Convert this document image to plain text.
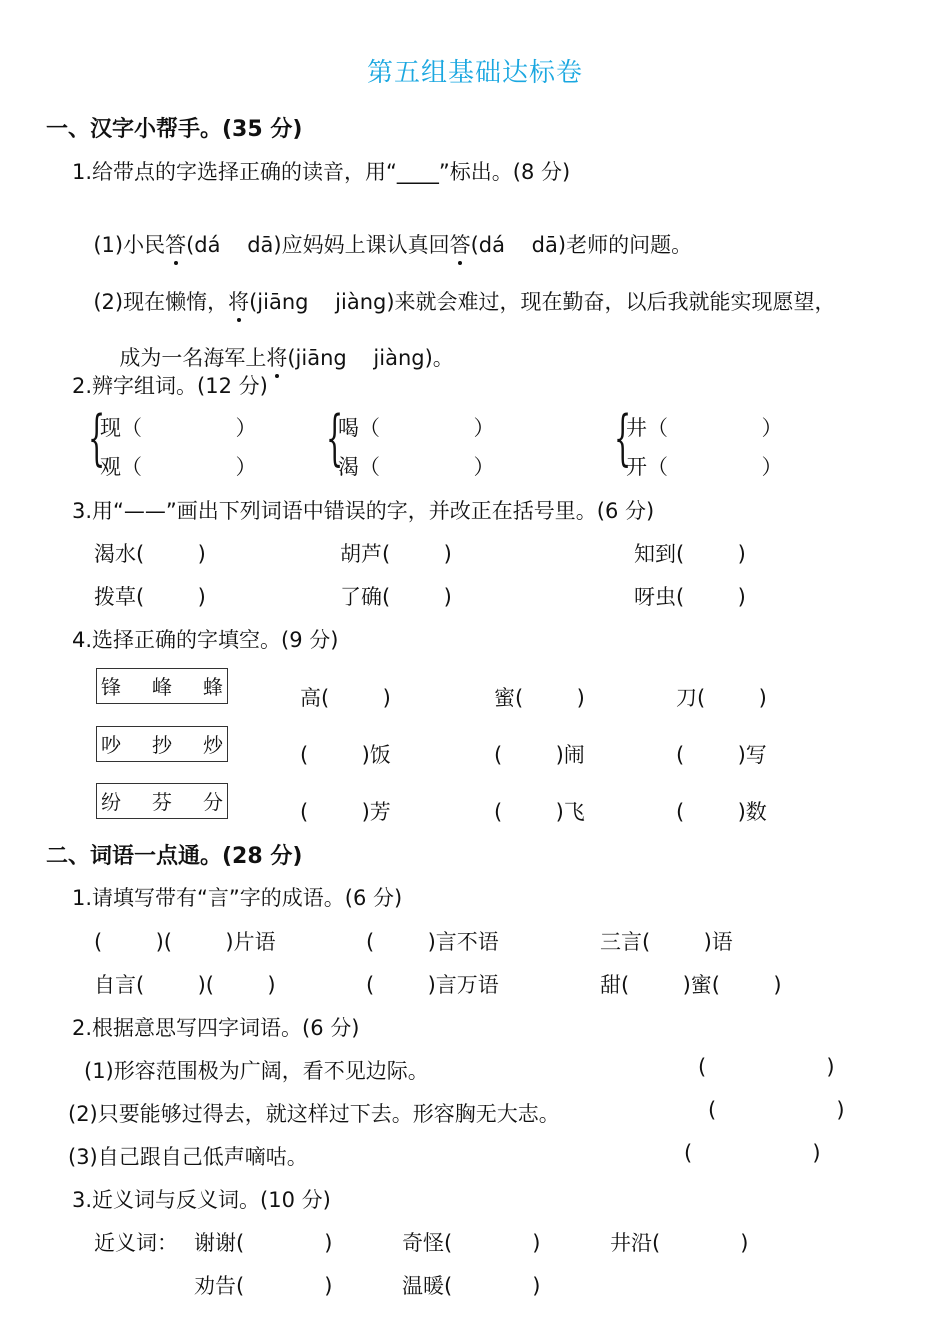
第五组基础达标卷
一、汉字小帮手。(35 分)
1.给带点的字选择正确的读音，用“____”标出。(8 分)

(1)小民答(dá    dā)应妈妈上课认真回答(dá    dā)老师的问题。

(2)现在懒惰，将(jiāng    jiàng)来就会难过，现在勤奋，以后我就能实现愿望，

成为一名海军上将(jiāng    jiàng)。

2.辨字组词。(12 分)
{
现（              ）
观（              ） {
喝（              ）
渴（              ） {
井（              ）
开（              ）
3.用“——”画出下列词语中错误的字，并改正在括号里。(6 分)
渴水(        )	胡芦(        )	知到(        )
拨草(        )	了确(        )	呀虫(        )
4.选择正确的字填空。(9 分)
锋 峰 蜂	高(        )	蜜(        )	刀(        )
吵 抄 炒	(        )饭	(        )闹	(        )写
纷 芬 分	(        )芳	(        )飞	(        )数
二、词语一点通。(28 分)
1.请填写带有“言”字的成语。(6 分)
(        )(        )片语	(        )言不语	三言(        )语
自言(        )(        )	(        )言万语	甜(        )蜜(        )
2.根据意思写四字词语。(6 分)
(1)形容范围极为广阔，看不见边际。	(                  )
(2)只要能够过得去，就这样过下去。形容胸无大志。	(                  )
(3)自己跟自己低声嘀咕。	(                  )
3.近义词与反义词。(10 分)
近义词： 谢谢(            )	奇怪(            )	井沿(            )
劝告(            )	温暖(            )
